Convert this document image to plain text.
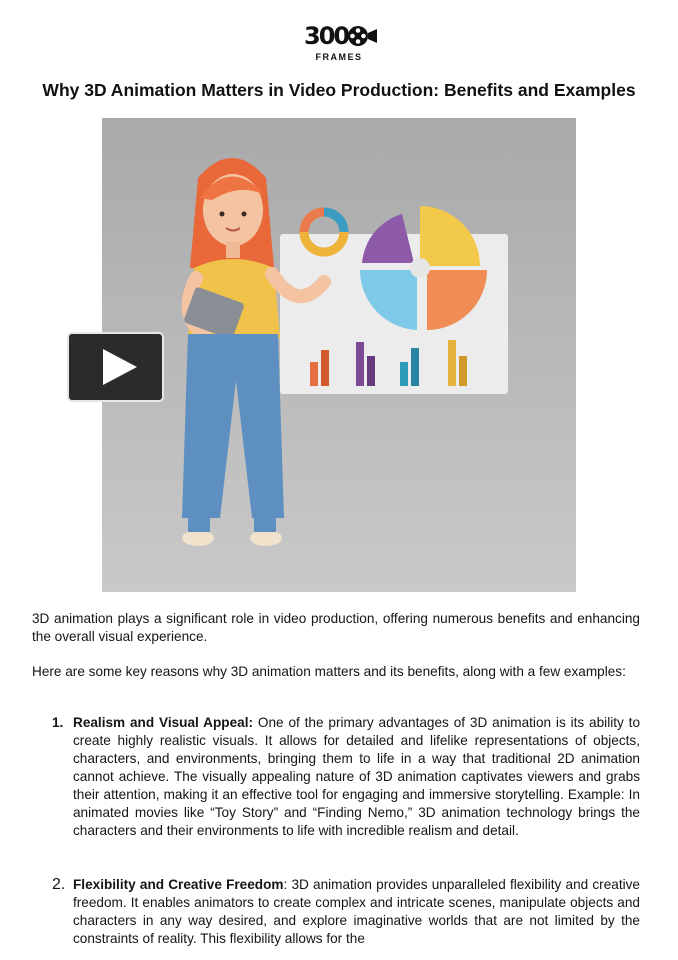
300
FRAMES
Why 3D Animation Matters in Video Production: Benefits and Examples

3D animation plays a significant role in video production, offering numerous benefits and enhancing the overall visual experience.

Here are some key reasons why 3D animation matters and its benefits, along with a few examples:

1. Realism and Visual Appeal: One of the primary advantages of 3D animation is its ability to create highly realistic visuals. It allows for detailed and lifelike representations of objects, characters, and environments, bringing them to life in a way that traditional 2D animation cannot achieve. The visually appealing nature of 3D animation captivates viewers and grabs their attention, making it an effective tool for engaging and immersive storytelling. Example: In animated movies like “Toy Story” and “Finding Nemo,” 3D animation technology brings the characters and their environments to life with incredible realism and detail.
2. Flexibility and Creative Freedom: 3D animation provides unparalleled flexibility and creative freedom. It enables animators to create complex and intricate scenes, manipulate objects and characters in any way desired, and explore imaginative worlds that are not limited by the constraints of reality. This flexibility allows for the
